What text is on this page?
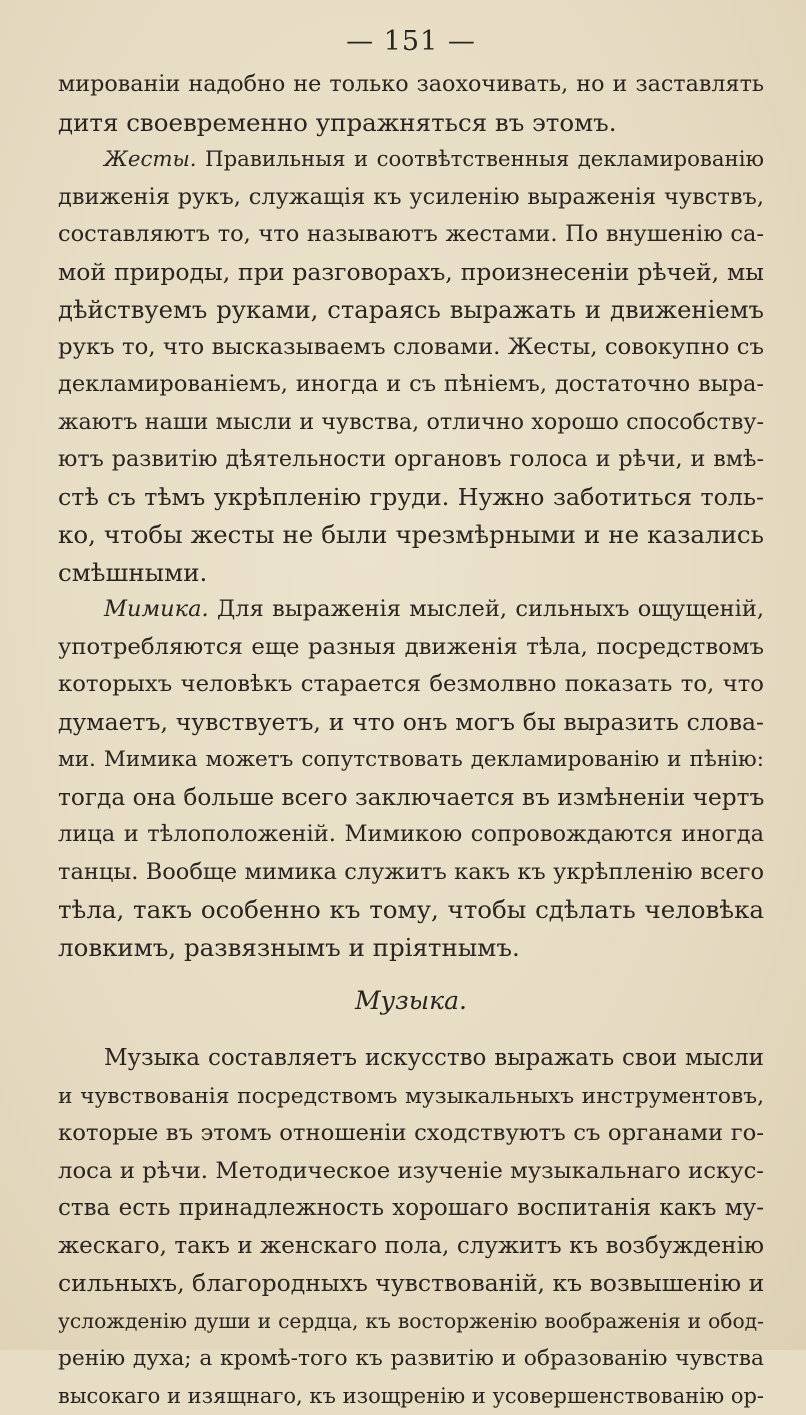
— 151 —
мированіи надобно не только заохочивать, но и заставлять
дитя своевременно упражняться въ этомъ.
Жесты. Правильныя и соотвѣтственныя декламированію
движенія рукъ, служащія къ усиленію выраженія чувствъ,
составляютъ то, что называютъ жестами. По внушенію са-
мой природы, при разговорахъ, произнесеніи рѣчей, мы
дѣйствуемъ руками, стараясь выражать и движеніемъ
рукъ то, что высказываемъ словами. Жесты, совокупно съ
декламированіемъ, иногда и съ пѣніемъ, достаточно выра-
жаютъ наши мысли и чувства, отлично хорошо способству-
ютъ развитію дѣятельности органовъ голоса и рѣчи, и вмѣ-
стѣ съ тѣмъ укрѣпленію груди. Нужно заботиться толь-
ко, чтобы жесты не были чрезмѣрными и не казались
смѣшными.
Мимика. Для выраженія мыслей, сильныхъ ощущеній,
употребляются еще разныя движенія тѣла, посредствомъ
которыхъ человѣкъ старается безмолвно показать то, что
думаетъ, чувствуетъ, и что онъ могъ бы выразить слова-
ми. Мимика можетъ сопутствовать декламированію и пѣнію:
тогда она больше всего заключается въ измѣненіи чертъ
лица и тѣлоположеній. Мимикою сопровождаются иногда
танцы. Вообще мимика служитъ какъ къ укрѣпленію всего
тѣла, такъ особенно къ тому, чтобы сдѣлать человѣка
ловкимъ, развязнымъ и пріятнымъ.
Музыка.
Музыка составляетъ искусство выражать свои мысли
и чувствованія посредствомъ музыкальныхъ инструментовъ,
которые въ этомъ отношеніи сходствуютъ съ органами го-
лоса и рѣчи. Методическое изученіе музыкальнаго искус-
ства есть принадлежность хорошаго воспитанія какъ му-
жескаго, такъ и женскаго пола, служитъ къ возбужденію
сильныхъ, благородныхъ чувствованій, къ возвышенію и
усложденію души и сердца, къ восторженію воображенія и обод-
ренію духа; а кромѣ-того къ развитію и образованію чувства
высокаго и изящнаго, къ изощренію и усовершенствованію ор-
